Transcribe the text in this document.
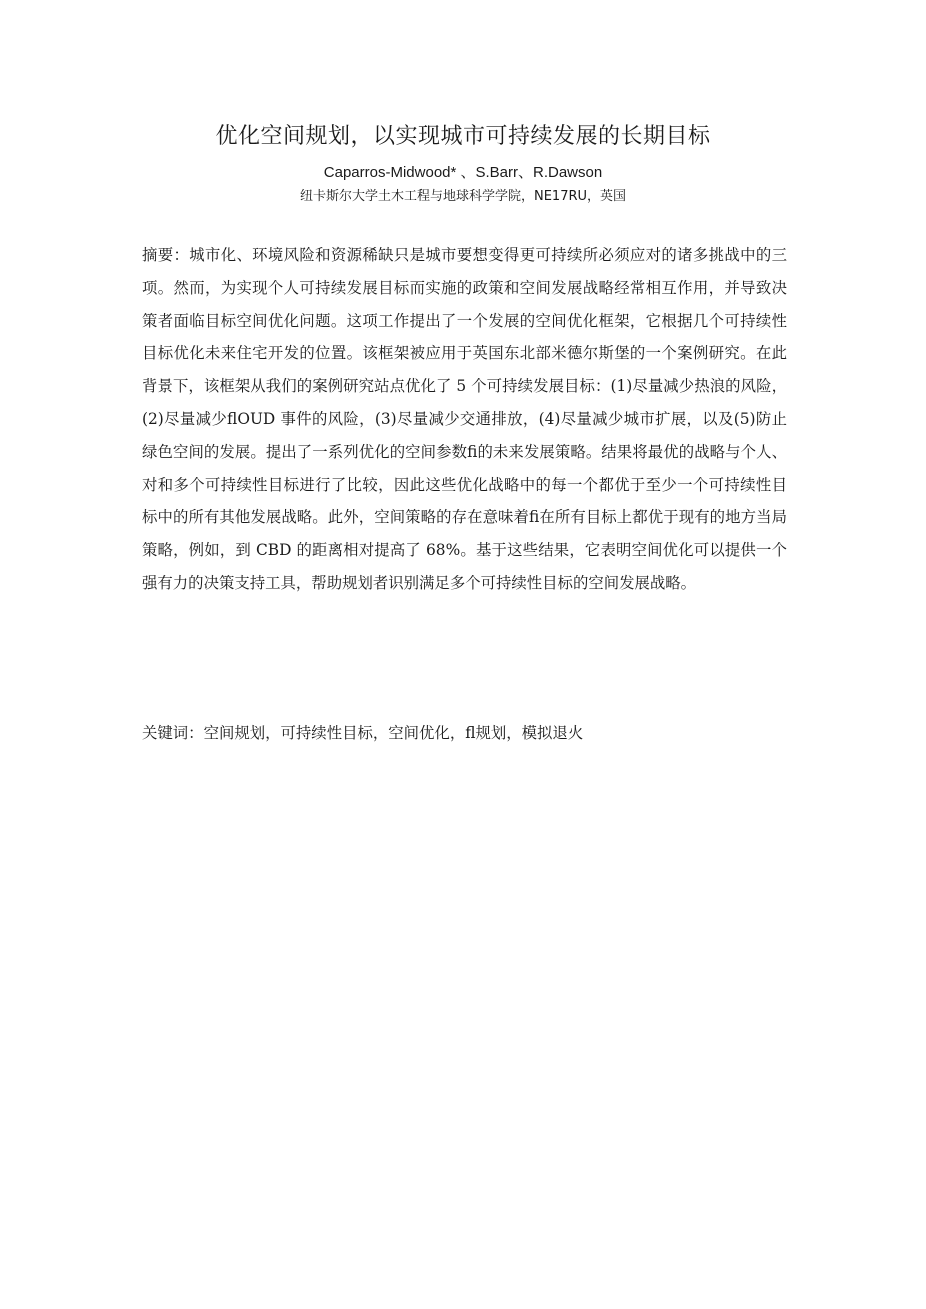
优化空间规划，以实现城市可持续发展的长期目标
Caparros-Midwood* 、S.Barr、R.Dawson
纽卡斯尔大学土木工程与地球科学学院，NE17RU，英国

摘要：城市化、环境风险和资源稀缺只是城市要想变得更可持续所必须应对的诸多挑战中的三项。然而，为实现个人可持续发展目标而实施的政策和空间发展战略经常相互作用，并导致决策者面临目标空间优化问题。这项工作提出了一个发展的空间优化框架，它根据几个可持续性目标优化未来住宅开发的位置。该框架被应用于英国东北部米德尔斯堡的一个案例研究。在此背景下，该框架从我们的案例研究站点优化了 5 个可持续发展目标：(1)尽量减少热浪的风险，(2)尽量减少flOUD 事件的风险，(3)尽量减少交通排放，(4)尽量减少城市扩展，以及(5)防止绿色空间的发展。提出了一系列优化的空间参数fi的未来发展策略。结果将最优的战略与个人、对和多个可持续性目标进行了比较，因此这些优化战略中的每一个都优于至少一个可持续性目标中的所有其他发展战略。此外，空间策略的存在意味着fi在所有目标上都优于现有的地方当局策略，例如，到 CBD 的距离相对提高了 68%。基于这些结果，它表明空间优化可以提供一个强有力的决策支持工具，帮助规划者识别满足多个可持续性目标的空间发展战略。

关键词：空间规划，可持续性目标，空间优化，fl规划，模拟退火
